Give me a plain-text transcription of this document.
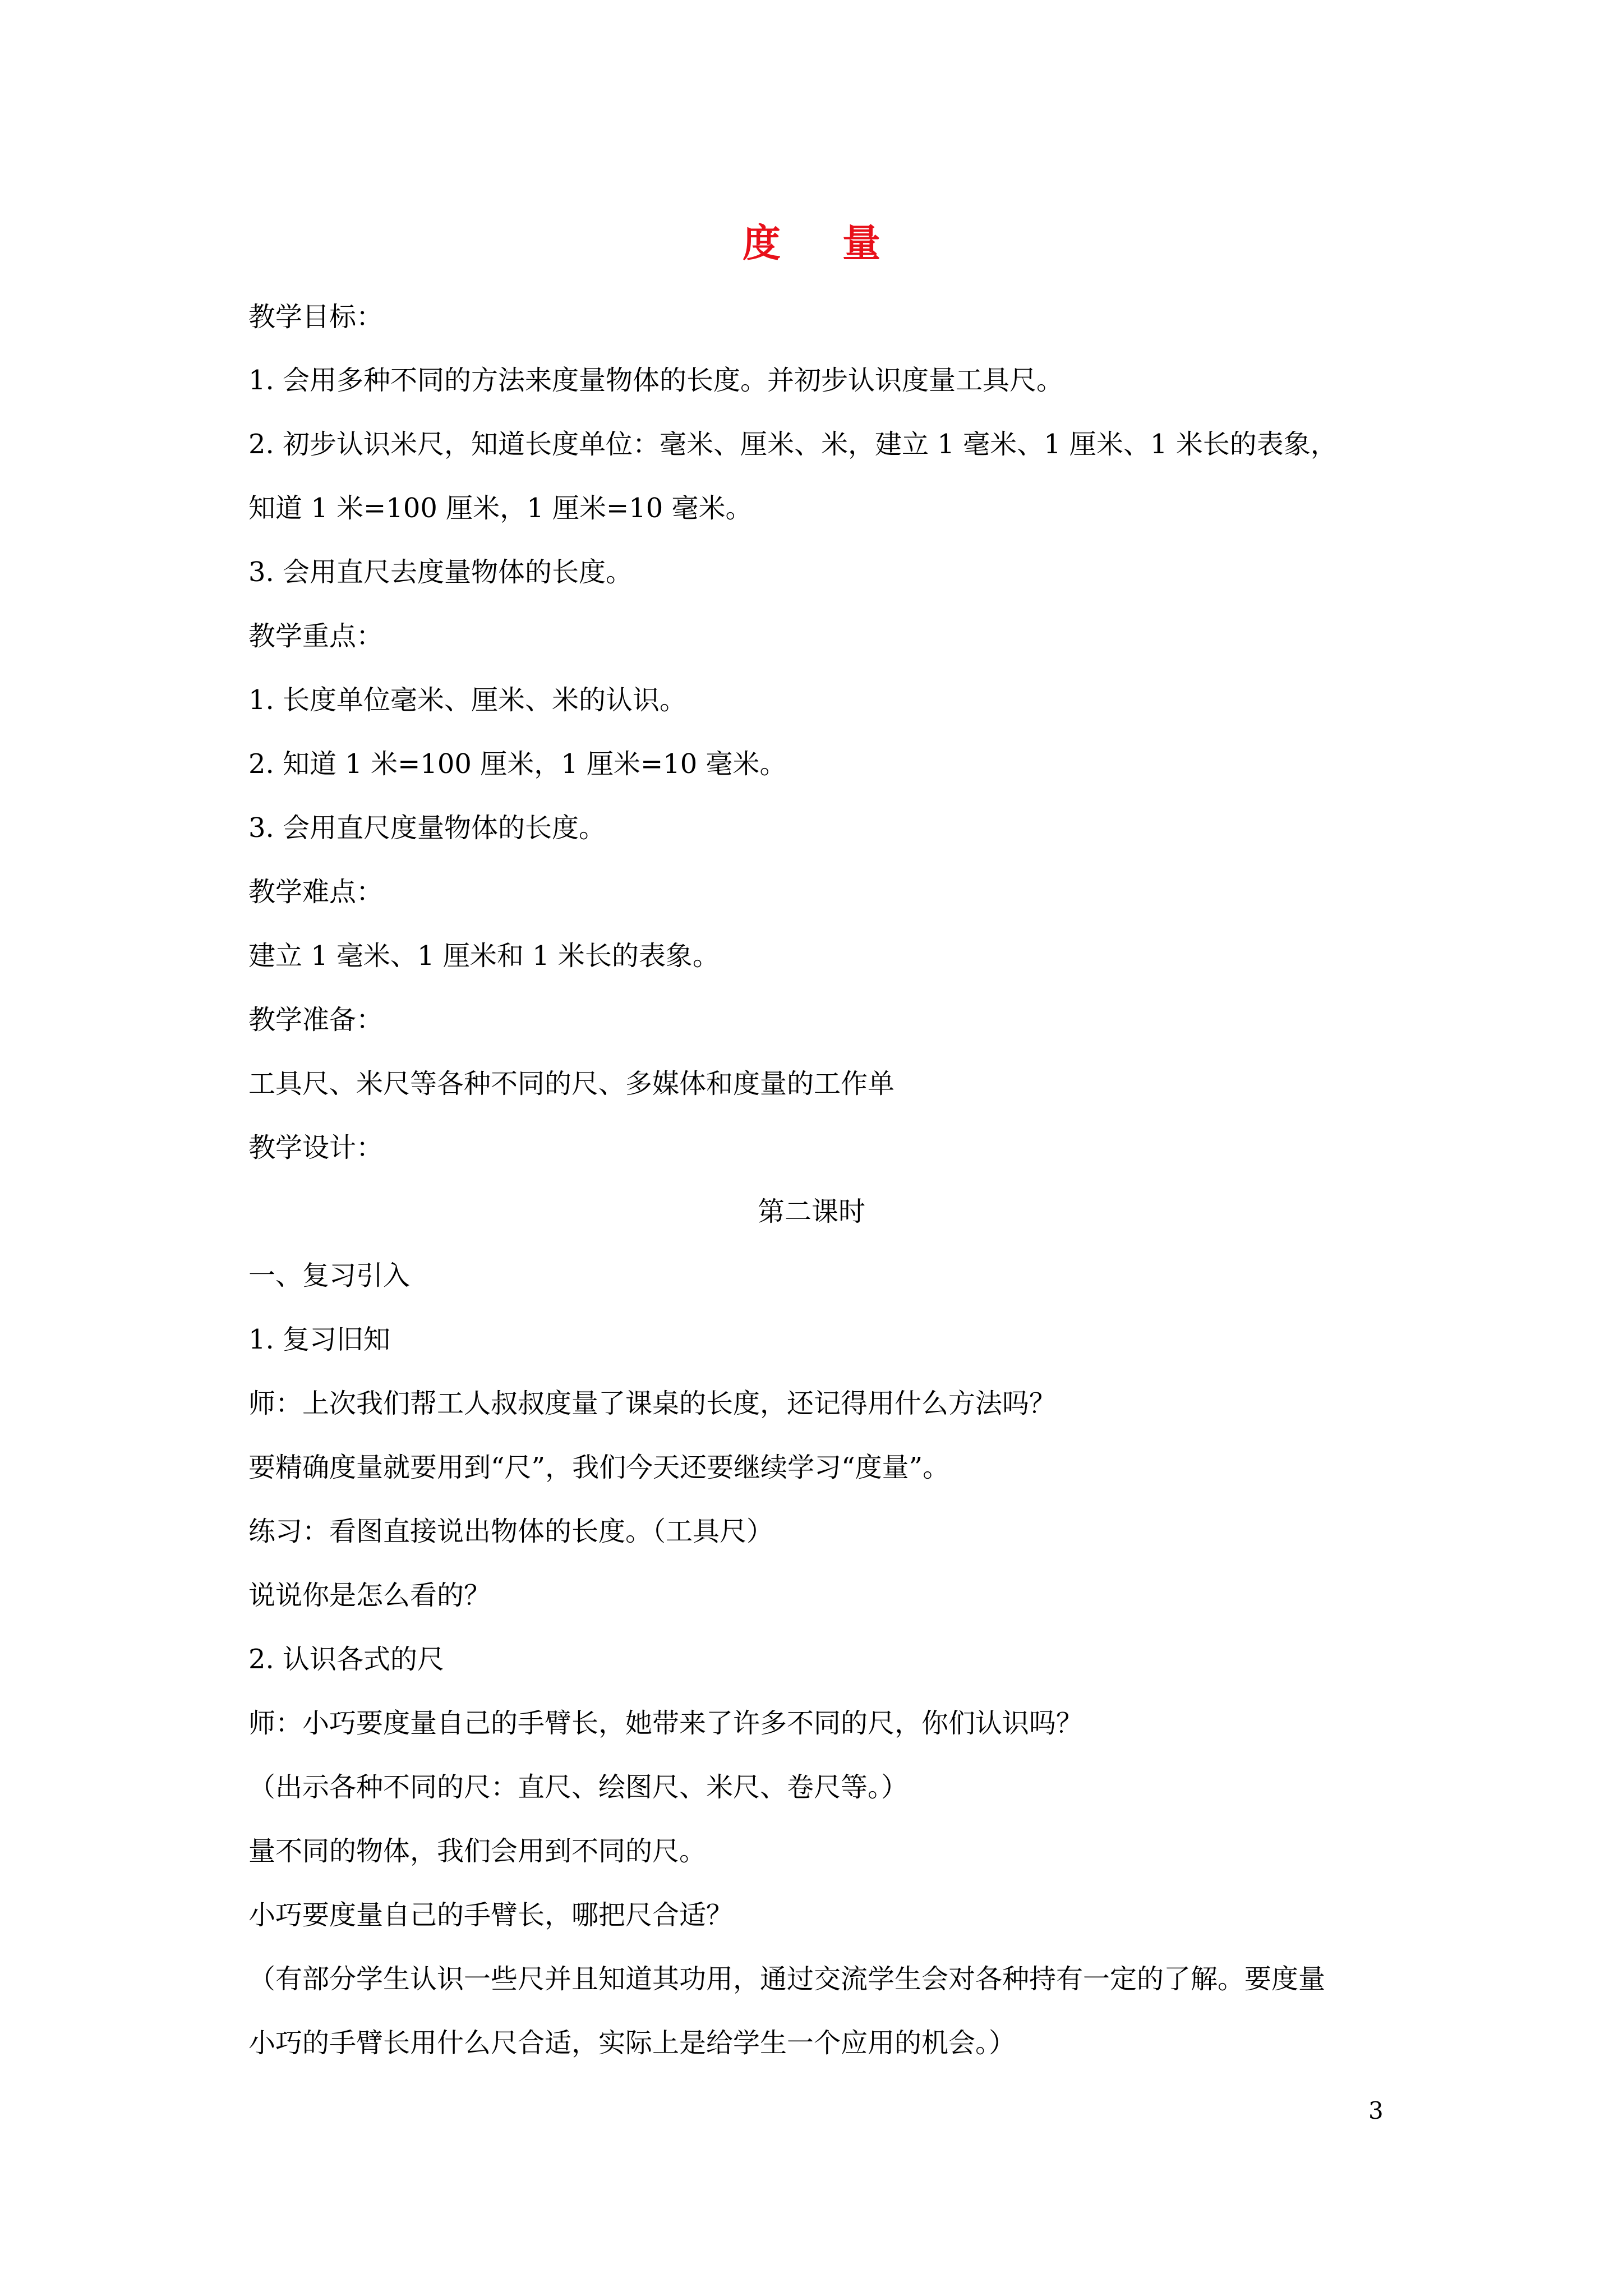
度 量
教学目标：
1. 会用多种不同的方法来度量物体的长度。并初步认识度量工具尺。
2. 初步认识米尺，知道长度单位：毫米、厘米、米，建立 1 毫米、1 厘米、1 米长的表象，
知道 1 米=100 厘米，1 厘米=10 毫米。
3. 会用直尺去度量物体的长度。
教学重点：
1. 长度单位毫米、厘米、米的认识。
2. 知道 1 米=100 厘米，1 厘米=10 毫米。
3. 会用直尺度量物体的长度。
教学难点：
建立 1 毫米、1 厘米和 1 米长的表象。
教学准备：
工具尺、米尺等各种不同的尺、多媒体和度量的工作单
教学设计：
第二课时
一、复习引入
1. 复习旧知
师：上次我们帮工人叔叔度量了课桌的长度，还记得用什么方法吗？
要精确度量就要用到“尺”，我们今天还要继续学习“度量”。
练习：看图直接说出物体的长度。（工具尺）
说说你是怎么看的？
2. 认识各式的尺
师：小巧要度量自己的手臂长，她带来了许多不同的尺，你们认识吗？
（出示各种不同的尺：直尺、绘图尺、米尺、卷尺等。）
量不同的物体，我们会用到不同的尺。
小巧要度量自己的手臂长，哪把尺合适？
（有部分学生认识一些尺并且知道其功用，通过交流学生会对各种持有一定的了解。要度量
小巧的手臂长用什么尺合适，实际上是给学生一个应用的机会。）
3
